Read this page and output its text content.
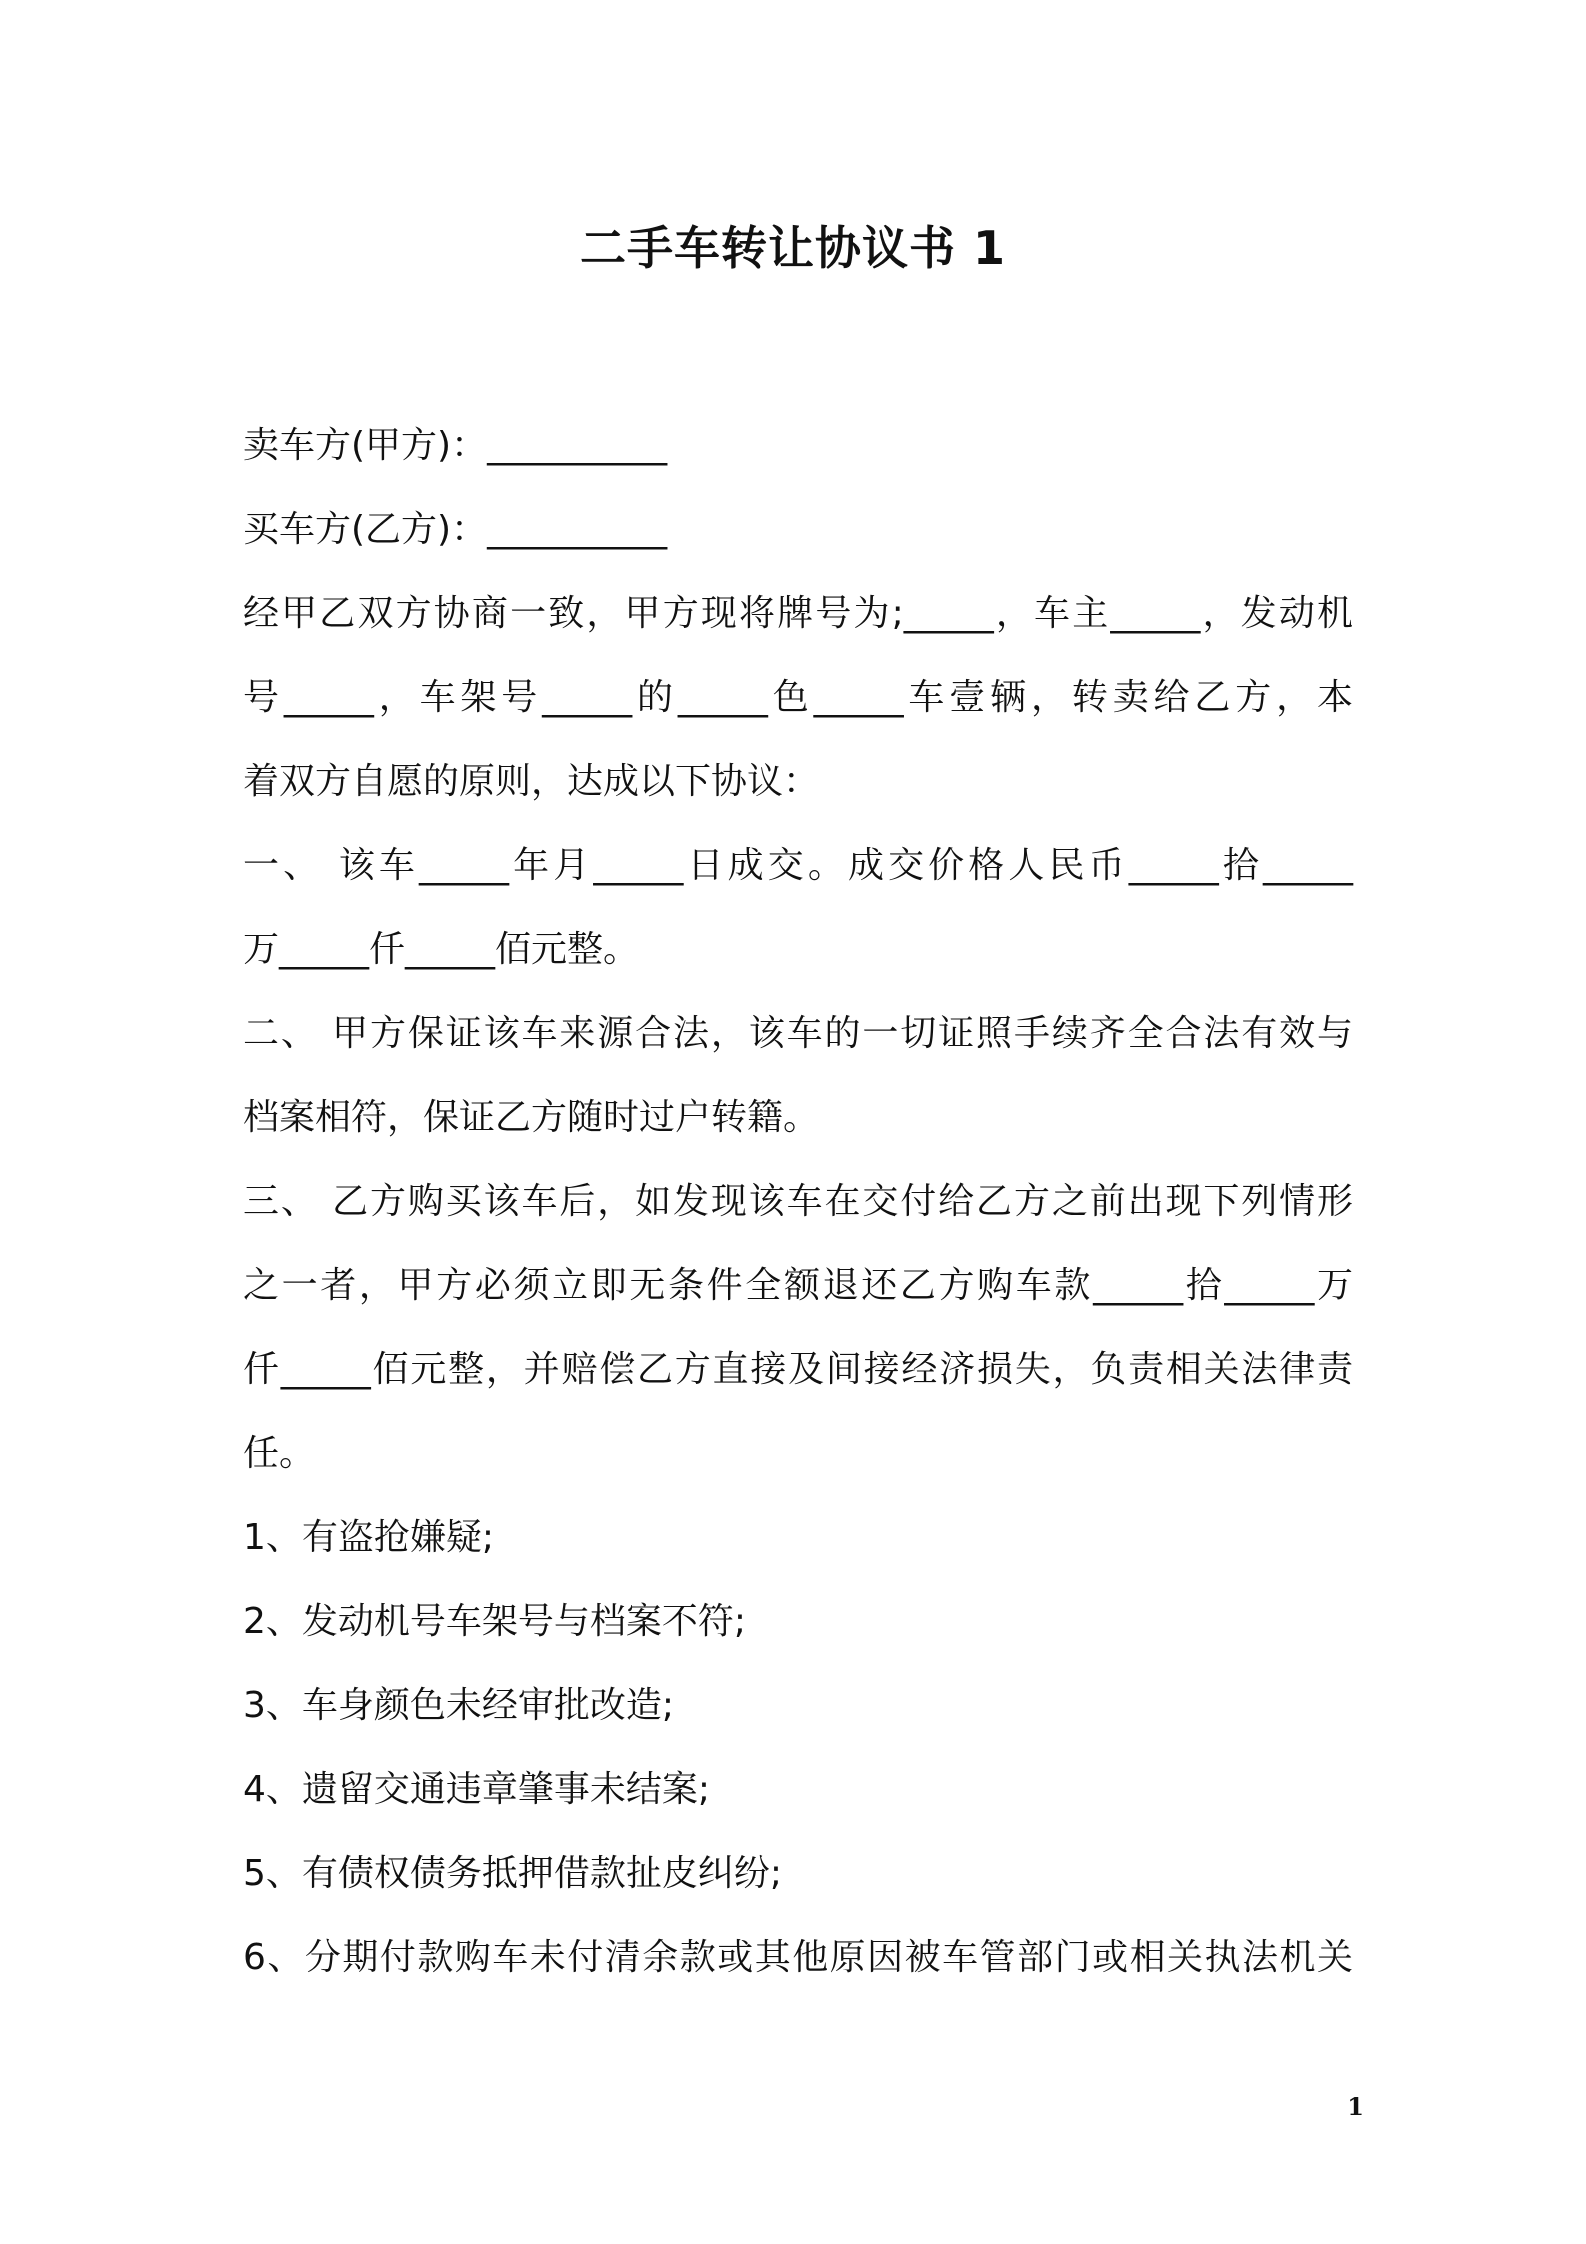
二手车转让协议书 1
卖车方(甲方)：__________
买车方(乙方)：__________
经甲乙双方协商一致，甲方现将牌号为;_____，车主_____，发动机
号_____，车架号_____的_____色_____车壹辆，转卖给乙方，本
着双方自愿的原则，达成以下协议：
一、 该车_____年月_____日成交。成交价格人民币_____拾_____
万_____仟_____佰元整。
二、 甲方保证该车来源合法，该车的一切证照手续齐全合法有效与
档案相符，保证乙方随时过户转籍。
三、 乙方购买该车后，如发现该车在交付给乙方之前出现下列情形
之一者，甲方必须立即无条件全额退还乙方购车款_____拾_____万
仟_____佰元整，并赔偿乙方直接及间接经济损失，负责相关法律责
任。
1、有盗抢嫌疑;
2、发动机号车架号与档案不符;
3、车身颜色未经审批改造;
4、遗留交通违章肇事未结案;
5、有债权债务抵押借款扯皮纠纷;
6、分期付款购车未付清余款或其他原因被车管部门或相关执法机关
1
